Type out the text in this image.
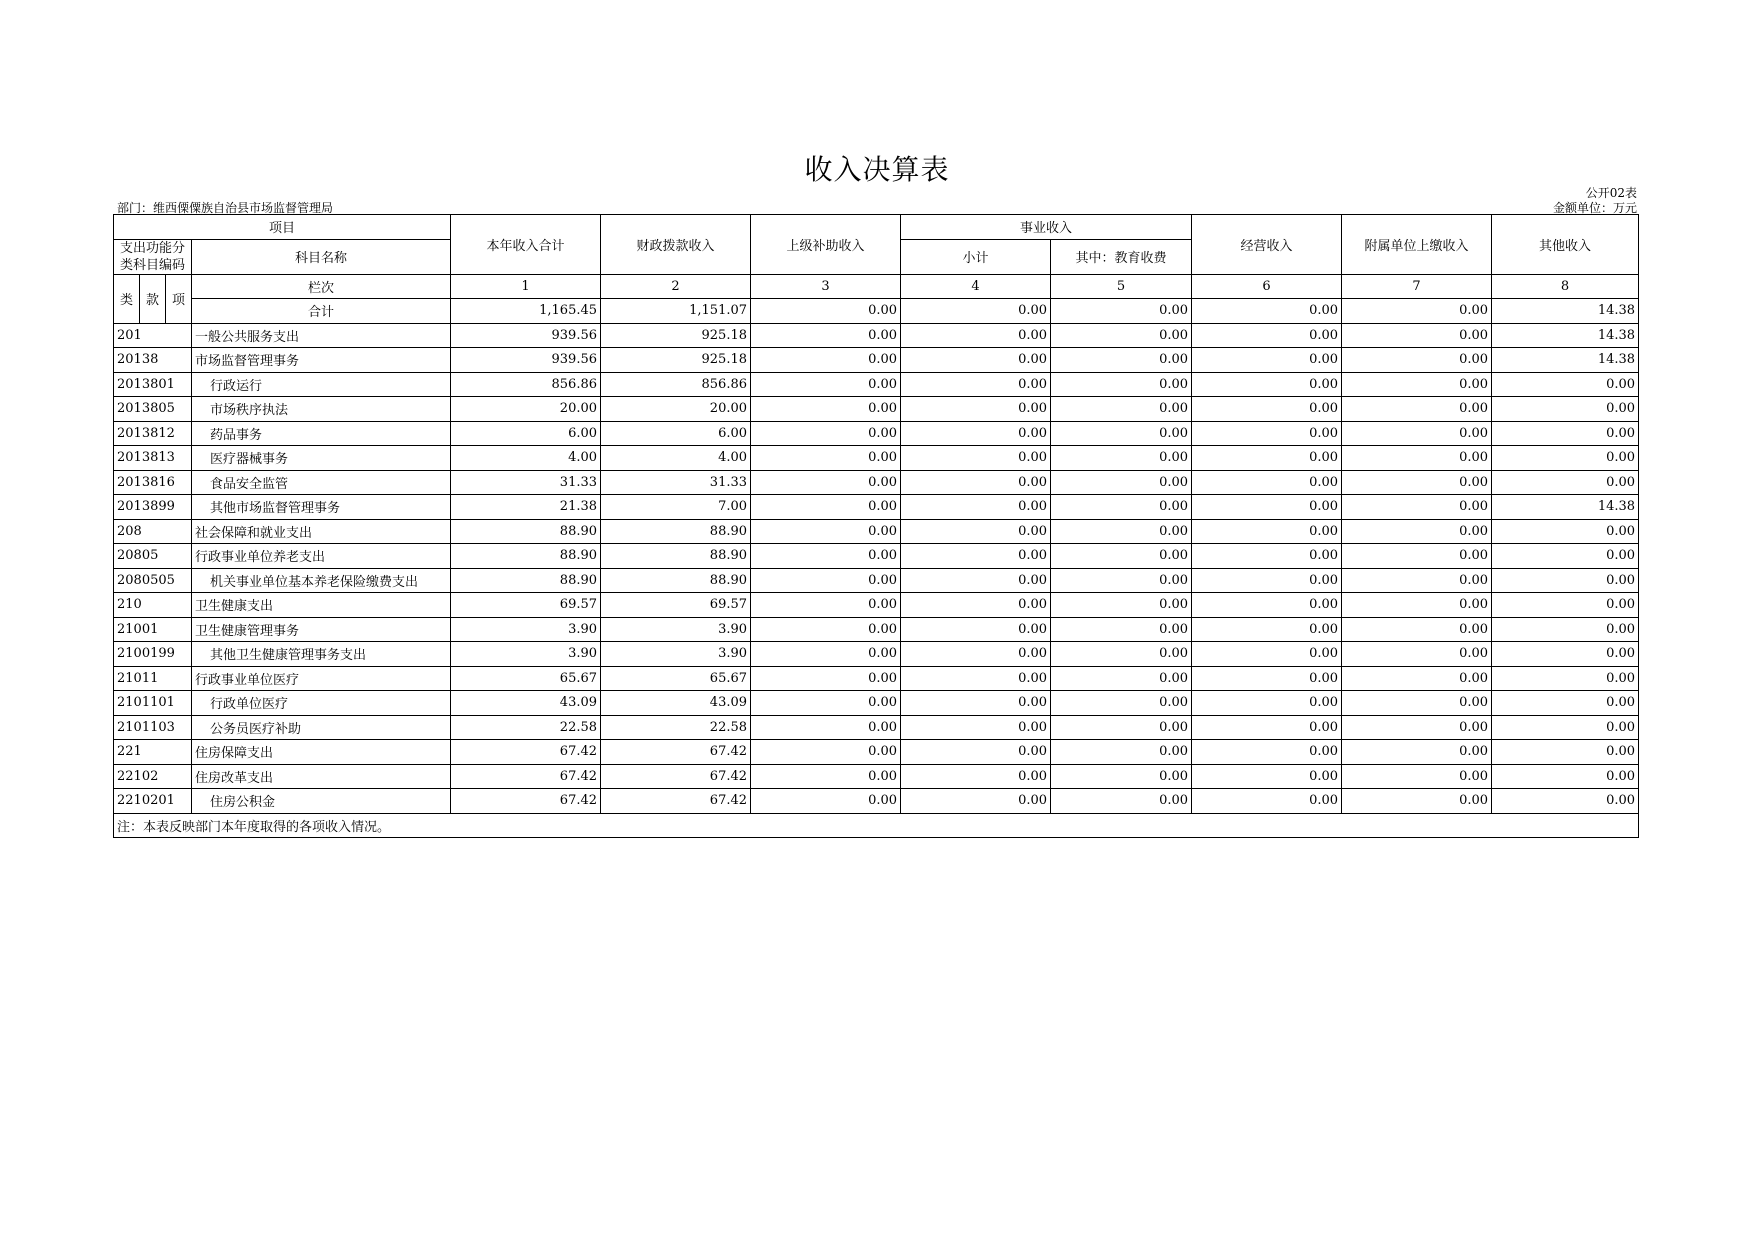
收入决算表
公开02表
部门：维西傈僳族自治县市场监督管理局	金额单位：万元
项目				本年收入合计	财政拨款收入	上级补助收入	事业收入		经营收入	附属单位上缴收入	其他收入
支出功能分类科目编码			科目名称				小计	其中：教育收费			
类	款	项	栏次	1	2	3	4	5	6	7	8
			合计	1,165.45	1,151.07	0.00	0.00	0.00	0.00	0.00	14.38
201			一般公共服务支出	939.56	925.18	0.00	0.00	0.00	0.00	0.00	14.38
20138			市场监督管理事务	939.56	925.18	0.00	0.00	0.00	0.00	0.00	14.38
2013801			行政运行	856.86	856.86	0.00	0.00	0.00	0.00	0.00	0.00
2013805			市场秩序执法	20.00	20.00	0.00	0.00	0.00	0.00	0.00	0.00
2013812			药品事务	6.00	6.00	0.00	0.00	0.00	0.00	0.00	0.00
2013813			医疗器械事务	4.00	4.00	0.00	0.00	0.00	0.00	0.00	0.00
2013816			食品安全监管	31.33	31.33	0.00	0.00	0.00	0.00	0.00	0.00
2013899			其他市场监督管理事务	21.38	7.00	0.00	0.00	0.00	0.00	0.00	14.38
208			社会保障和就业支出	88.90	88.90	0.00	0.00	0.00	0.00	0.00	0.00
20805			行政事业单位养老支出	88.90	88.90	0.00	0.00	0.00	0.00	0.00	0.00
2080505			机关事业单位基本养老保险缴费支出	88.90	88.90	0.00	0.00	0.00	0.00	0.00	0.00
210			卫生健康支出	69.57	69.57	0.00	0.00	0.00	0.00	0.00	0.00
21001			卫生健康管理事务	3.90	3.90	0.00	0.00	0.00	0.00	0.00	0.00
2100199			其他卫生健康管理事务支出	3.90	3.90	0.00	0.00	0.00	0.00	0.00	0.00
21011			行政事业单位医疗	65.67	65.67	0.00	0.00	0.00	0.00	0.00	0.00
2101101			行政单位医疗	43.09	43.09	0.00	0.00	0.00	0.00	0.00	0.00
2101103			公务员医疗补助	22.58	22.58	0.00	0.00	0.00	0.00	0.00	0.00
221			住房保障支出	67.42	67.42	0.00	0.00	0.00	0.00	0.00	0.00
22102			住房改革支出	67.42	67.42	0.00	0.00	0.00	0.00	0.00	0.00
2210201			住房公积金	67.42	67.42	0.00	0.00	0.00	0.00	0.00	0.00
注：本表反映部门本年度取得的各项收入情况。											
